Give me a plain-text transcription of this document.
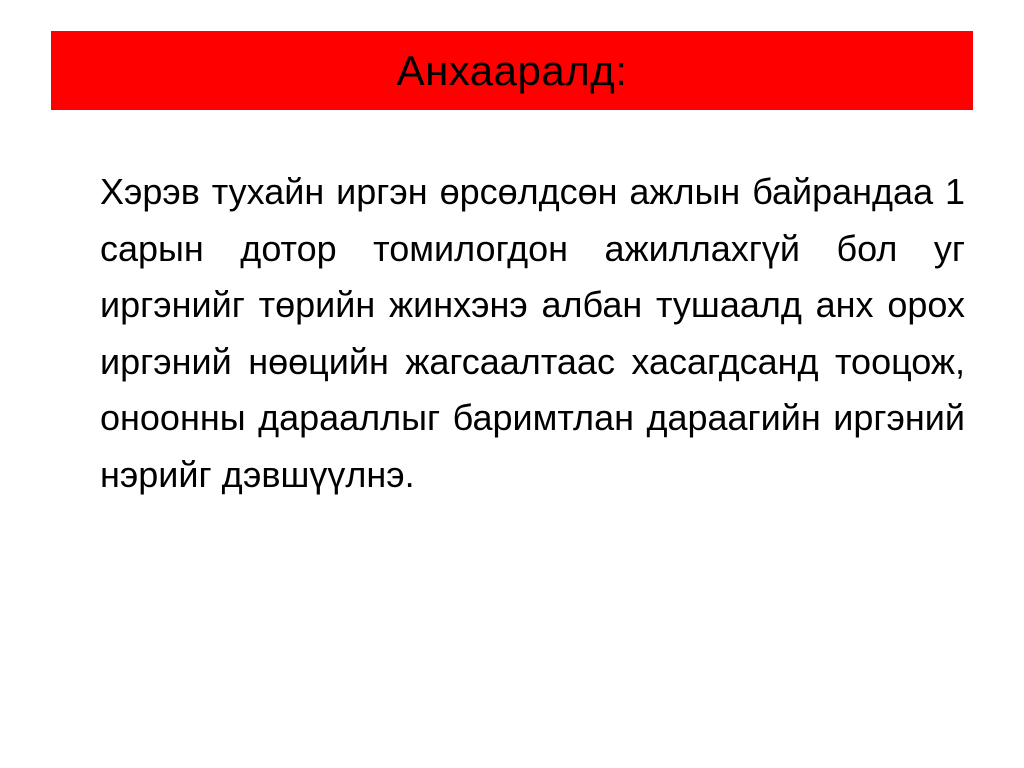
Анхааралд:

Хэрэв тухайн иргэн өрсөлдсөн ажлын байрандаа 1 сарын дотор томилогдон ажиллахгүй бол уг иргэнийг төрийн жинхэнэ албан тушаалд анх орох иргэний нөөцийн жагсаалтаас хасагдсанд тооцож, оноонны дарааллыг баримтлан дараагийн иргэний нэрийг дэвшүүлнэ.
